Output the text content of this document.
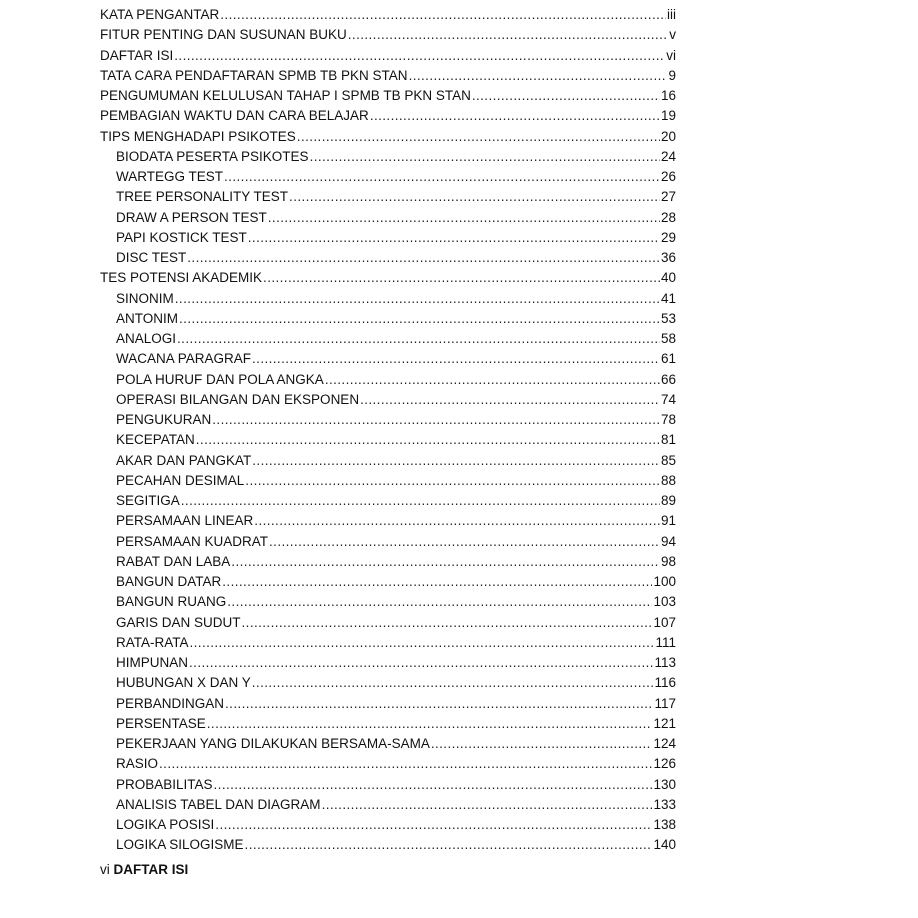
KATA PENGANTAR .....	iii
FITUR PENTING DAN SUSUNAN BUKU .....	v
DAFTAR ISI .....	vi
TATA CARA PENDAFTARAN SPMB TB PKN STAN .....	9
PENGUMUMAN KELULUSAN TAHAP I SPMB TB PKN STAN .....	16
PEMBAGIAN WAKTU DAN CARA BELAJAR .....	19
TIPS MENGHADAPI PSIKOTES .....	20
BIODATA PESERTA PSIKOTES .....	24
WARTEGG TEST .....	26
TREE PERSONALITY TEST .....	27
DRAW A PERSON TEST .....	28
PAPI KOSTICK TEST .....	29
DISC TEST .....	36
TES POTENSI AKADEMIK .....	40
SINONIM .....	41
ANTONIM .....	53
ANALOGI .....	58
WACANA PARAGRAF .....	61
POLA HURUF DAN POLA ANGKA .....	66
OPERASI BILANGAN DAN EKSPONEN .....	74
PENGUKURAN .....	78
KECEPATAN .....	81
AKAR DAN PANGKAT .....	85
PECAHAN DESIMAL .....	88
SEGITIGA .....	89
PERSAMAAN LINEAR .....	91
PERSAMAAN KUADRAT .....	94
RABAT DAN LABA .....	98
BANGUN DATAR .....	100
BANGUN RUANG .....	103
GARIS DAN SUDUT .....	107
RATA-RATA .....	111
HIMPUNAN .....	113
HUBUNGAN X DAN Y .....	116
PERBANDINGAN .....	117
PERSENTASE .....	121
PEKERJAAN YANG DILAKUKAN BERSAMA-SAMA .....	124
RASIO .....	126
PROBABILITAS .....	130
ANALISIS TABEL DAN DIAGRAM .....	133
LOGIKA POSISI .....	138
LOGIKA SILOGISME .....	140
vi DAFTAR ISI
